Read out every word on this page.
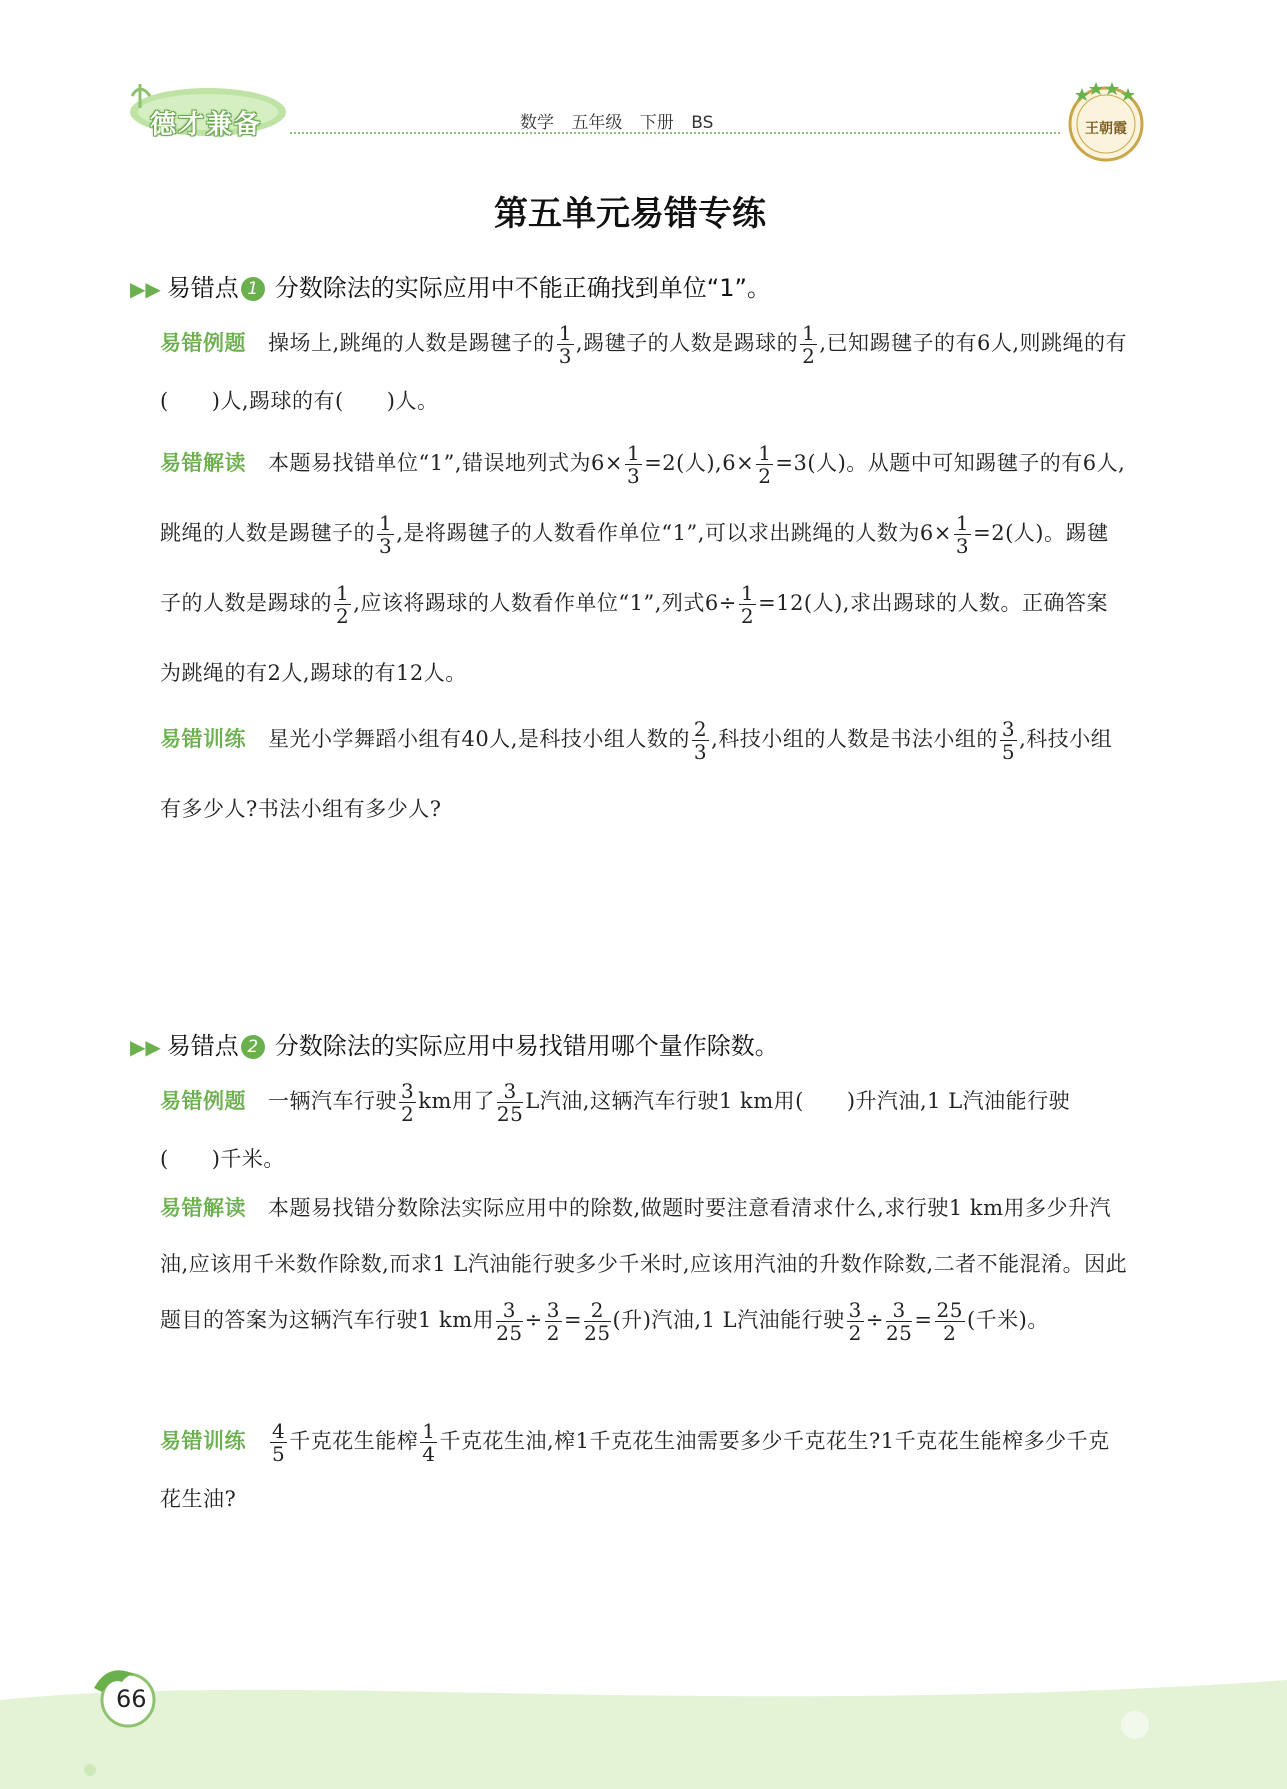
德才兼备	数学 五年级 下册 BS	王朝霞
第五单元易错专练
▶▶ 易错点 1 分数除法的实际应用中不能正确找到单位“1”。
易错例题 操场上,跳绳的人数是踢毽子的 $\frac{1}{3}$ ,踢毽子的人数是踢球的 $\frac{1}{2}$ ,已知踢毽子的有6人,则跳绳的有(　　)人,踢球的有(　　)人。
易错解读 本题易找错单位“1”,错误地列式为$6\times \frac{1}{3} =2$(人)$,6\times \frac{1}{2} =3$(人)。从题中可知踢毽子的有6人,跳绳的人数是踢毽子的 $\frac{1}{3}$ ,是将踢毽子的人数看作单位“1”,可以求出跳绳的人数为$6\times \frac{1}{3} =2$(人)。踢毽子的人数是踢球的 $\frac{1}{2}$ ,应该将踢球的人数看作单位“1”,列式$6\div \frac{1}{2} =12$(人),求出踢球的人数。正确答案为跳绳的有2人,踢球的有12人。
易错训练 星光小学舞蹈小组有40人,是科技小组人数的 $\frac{2}{3}$ ,科技小组的人数是书法小组的 $\frac{3}{5}$ ,科技小组有多少人?书法小组有多少人?
▶▶ 易错点 2 分数除法的实际应用中易找错用哪个量作除数。
易错例题 一辆汽车行驶 $\frac{3}{2}$ km用了 $\frac{3}{25}$ L汽油,这辆汽车行驶1 km用(　　)升汽油,1 L汽油能行驶(　　)千米。
易错解读 本题易找错分数除法实际应用中的除数,做题时要注意看清求什么,求行驶1 km用多少升汽油,应该用千米数作除数,而求1 L汽油能行驶多少千米时,应该用汽油的升数作除数,二者不能混淆。因此题目的答案为这辆汽车行驶1 km用 $\frac{3}{25} \div \frac{3}{2} = \frac{2}{25}$ (升)汽油,1 L汽油能行驶 $\frac{3}{2} \div \frac{3}{25} = \frac{25}{2}$ (千米)。
易错训练 $\frac{4}{5}$ 千克花生能榨 $\frac{1}{4}$ 千克花生油,榨1千克花生油需要多少千克花生?1千克花生能榨多少千克花生油?
66
